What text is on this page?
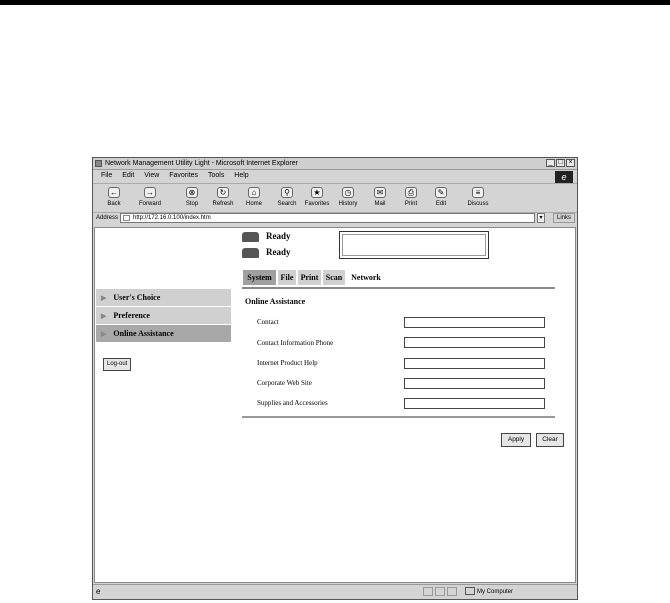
Network Management Utility Light - Microsoft Internet Explorer	_ □ ×
File Edit View Favorites Tools Help	e
←
Back
→
Forward
⊗
Stop
↻
Refresh
⌂
Home
⚲
Search
★
Favorites
◷
History
✉
Mail
⎙
Print
✎
Edit
≡
Discuss
Address	http://172.16.0.100/index.htm	▾	Links
Ready
Ready
System	File Print Scan	Network
▶ User's Choice
▶ Preference
▶ Online Assistance
Log-out
Online Assistance
Contact
Contact Information Phone
Internet Product Help
Corporate Web Site
Supplies and Accessories
Apply	Clear
e	My Computer
